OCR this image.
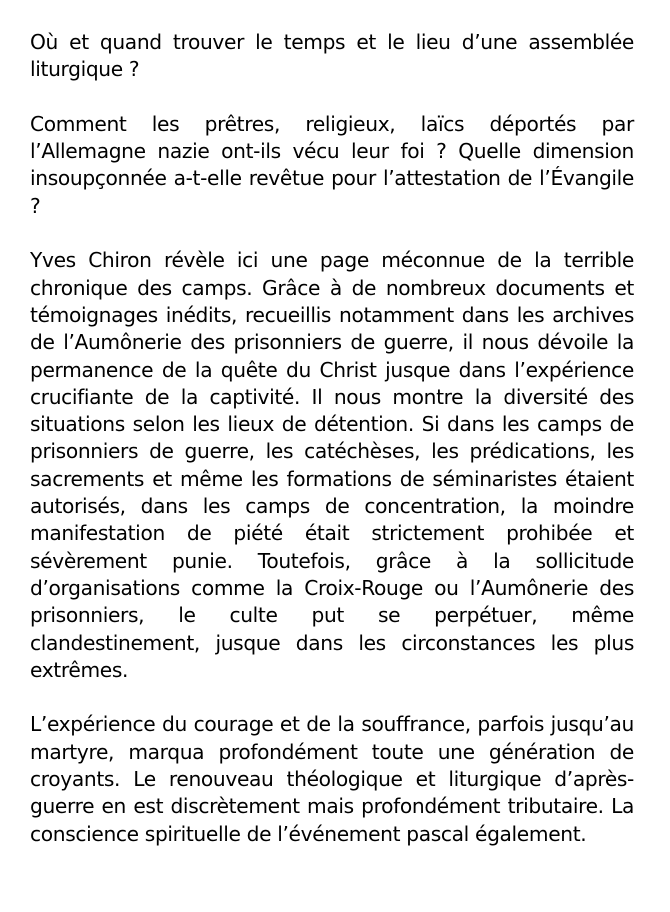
Où et quand trouver le temps et le lieu d’une assemblée liturgique ?

Comment les prêtres, religieux, laïcs déportés par l’Allemagne nazie ont-ils vécu leur foi ? Quelle dimension insoupçonnée a-t-elle revêtue pour l’attestation de l’Évangile ?

Yves Chiron révèle ici une page méconnue de la terrible chronique des camps. Grâce à de nombreux documents et témoignages inédits, recueillis notamment dans les archives de l’Aumônerie des prisonniers de guerre, il nous dévoile la permanence de la quête du Christ jusque dans l’expérience crucifiante de la captivité. Il nous montre la diversité des situations selon les lieux de détention. Si dans les camps de prisonniers de guerre, les catéchèses, les prédications, les sacrements et même les formations de séminaristes étaient autorisés, dans les camps de concentration, la moindre manifestation de piété était strictement prohibée et sévèrement punie. Toutefois, grâce à la sollicitude d’organisations comme la Croix-Rouge ou l’Aumônerie des prisonniers, le culte put se perpétuer, même clandestinement, jusque dans les circonstances les plus extrêmes.

L’expérience du courage et de la souffrance, parfois jusqu’au martyre, marqua profondément toute une génération de croyants. Le renouveau théologique et liturgique d’après-guerre en est discrètement mais profondément tributaire. La conscience spirituelle de l’événement pascal également.
